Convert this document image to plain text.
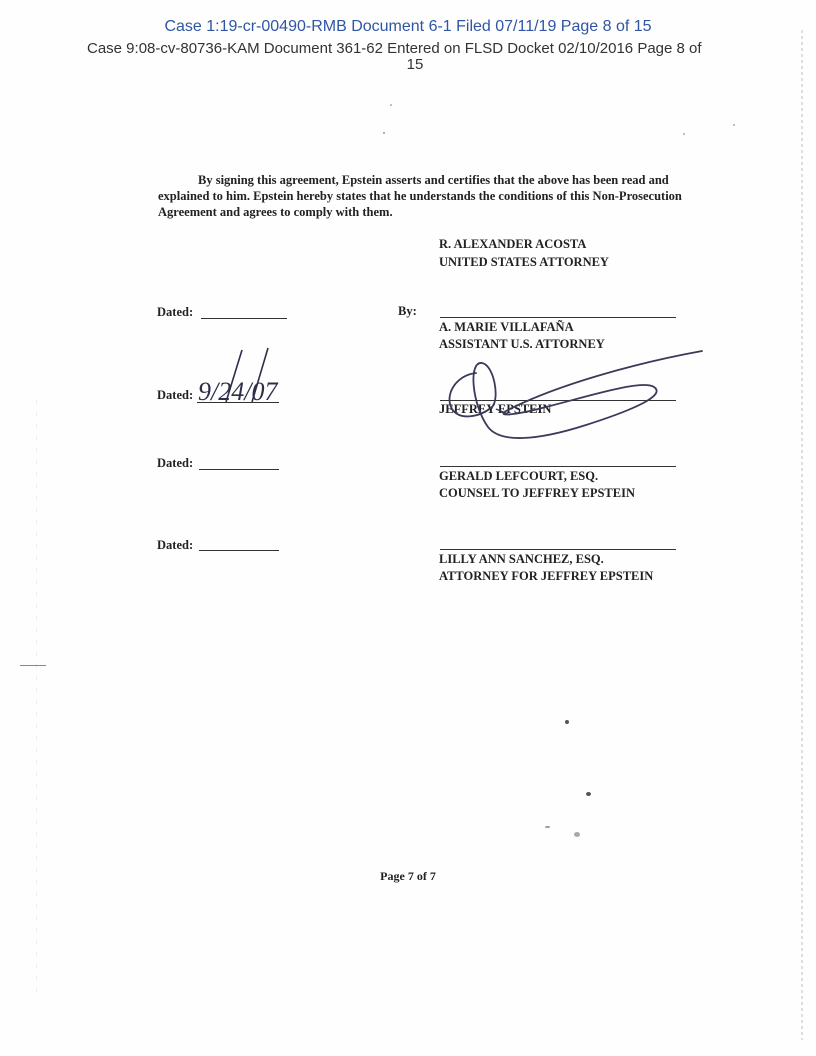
Case 1:19-cr-00490-RMB Document 6-1 Filed 07/11/19 Page 8 of 15
Case 9:08-cv-80736-KAM Document 361-62 Entered on FLSD Docket 02/10/2016 Page 8 of
15
By signing this agreement, Epstein asserts and certifies that the above has been read and explained to him. Epstein hereby states that he understands the conditions of this Non-Prosecution Agreement and agrees to comply with them.
R. ALEXANDER ACOSTA
UNITED STATES ATTORNEY
Dated:	By:
A. MARIE VILLAFAÑA
ASSISTANT U.S. ATTORNEY
Dated: 9/24/07
JEFFREY EPSTEIN
Dated:
GERALD LEFCOURT, ESQ.
COUNSEL TO JEFFREY EPSTEIN
Dated:
LILLY ANN SANCHEZ, ESQ.
ATTORNEY FOR JEFFREY EPSTEIN
Page 7 of 7
